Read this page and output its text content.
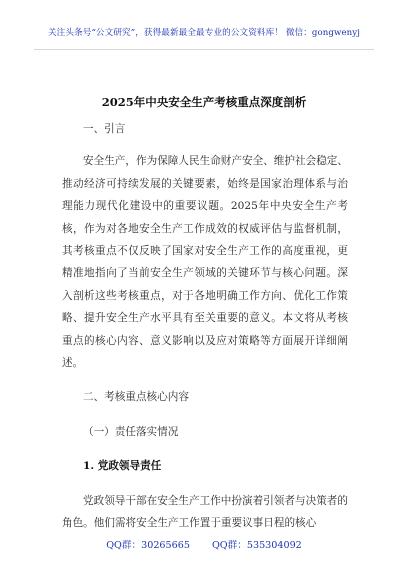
关注头条号“公文研究”，获得最新最全最专业的公文资料库！ 微信：gongwenyj
2025年中央安全生产考核重点深度剖析

一、引言

安全生产，作为保障人民生命财产安全、维护社会稳定、推动经济可持续发展的关键要素，始终是国家治理体系与治理能力现代化建设中的重要议题。2025年中央安全生产考核，作为对各地安全生产工作成效的权威评估与监督机制，其考核重点不仅反映了国家对安全生产工作的高度重视，更精准地指向了当前安全生产领域的关键环节与核心问题。深入剖析这些考核重点，对于各地明确工作方向、优化工作策略、提升安全生产水平具有至关重要的意义。本文将从考核重点的核心内容、意义影响以及应对策略等方面展开详细阐述。

二、考核重点核心内容

（一）责任落实情况

1. 党政领导责任

党政领导干部在安全生产工作中扮演着引领者与决策者的角色。他们需将安全生产工作置于重要议事日程的核心

QQ群：30265665 QQ群：535304092
